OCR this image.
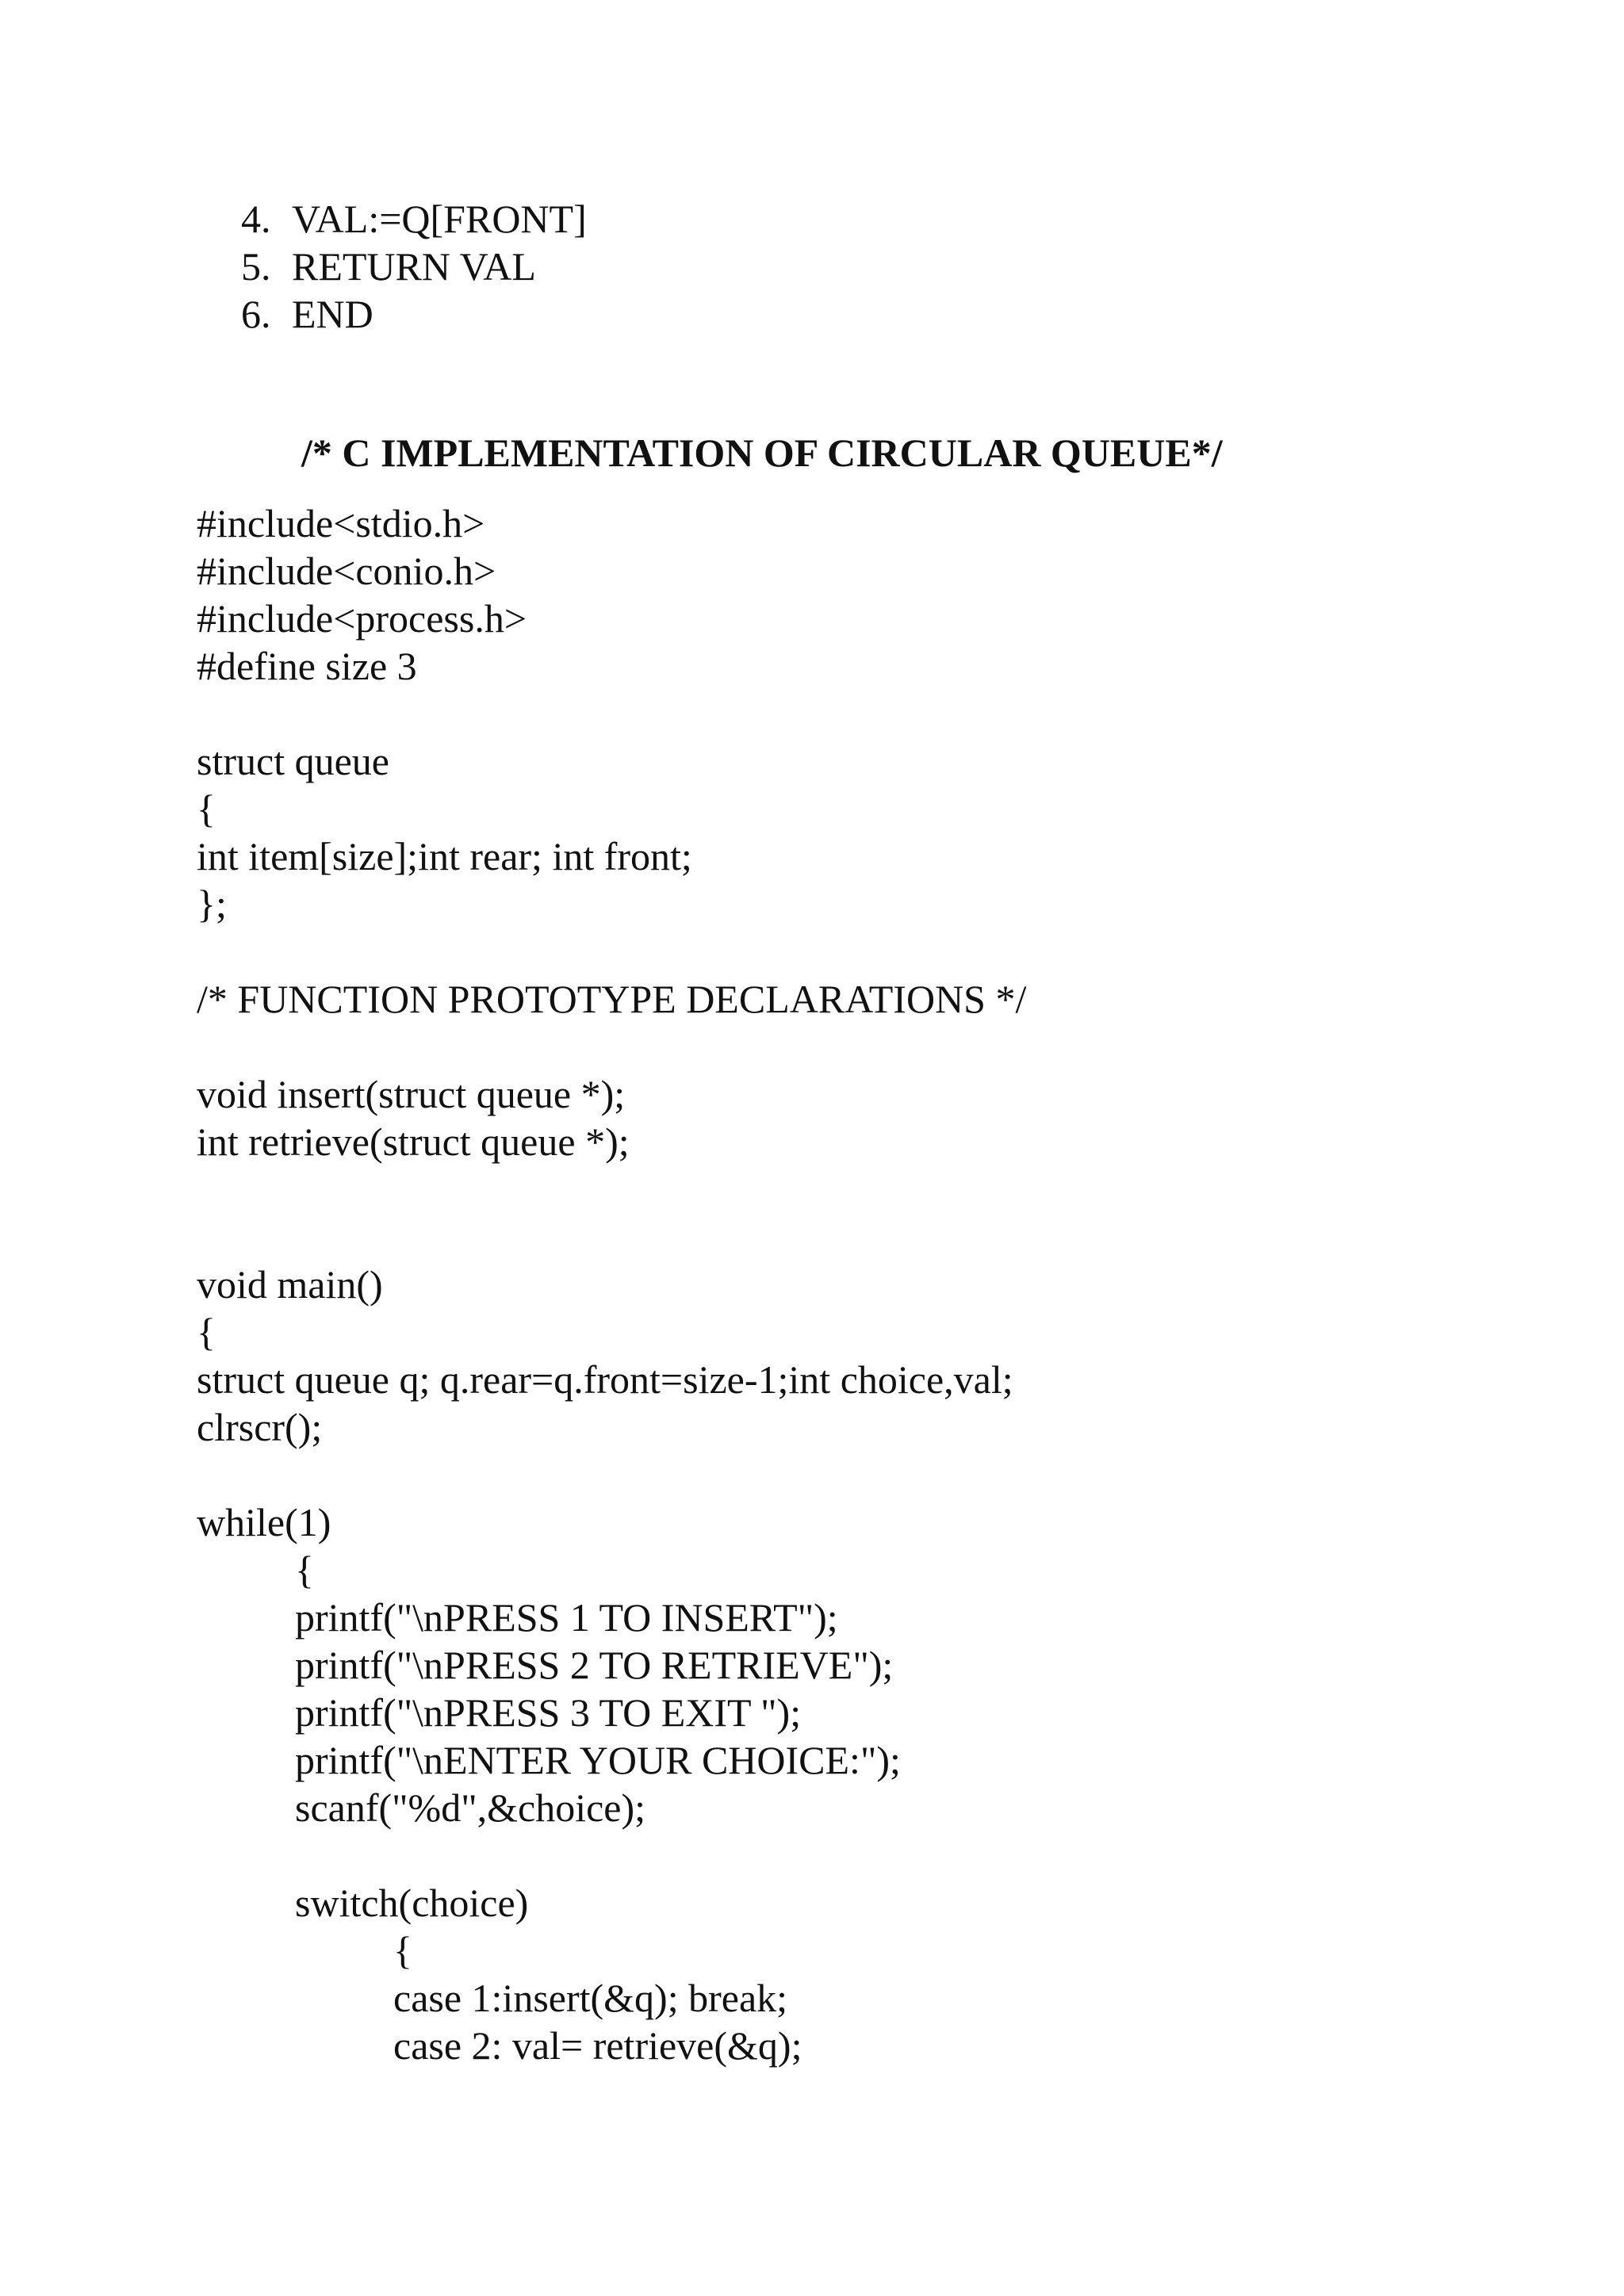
4. VAL:=Q[FRONT]
5. RETURN VAL
6. END
/* C IMPLEMENTATION OF CIRCULAR QUEUE*/
#include<stdio.h>
#include<conio.h>
#include<process.h>
#define size 3
struct queue
{
int item[size];int rear; int front;
};
/* FUNCTION PROTOTYPE DECLARATIONS */
void insert(struct queue *);
int retrieve(struct queue *);
void main()
{
struct queue q; q.rear=q.front=size-1;int choice,val;
clrscr();
while(1)
{
printf("\nPRESS 1 TO INSERT");
printf("\nPRESS 2 TO RETRIEVE");
printf("\nPRESS 3 TO EXIT ");
printf("\nENTER YOUR CHOICE:");
scanf("%d",&choice);
switch(choice)
{
case 1:insert(&q); break;
case 2: val= retrieve(&q);
